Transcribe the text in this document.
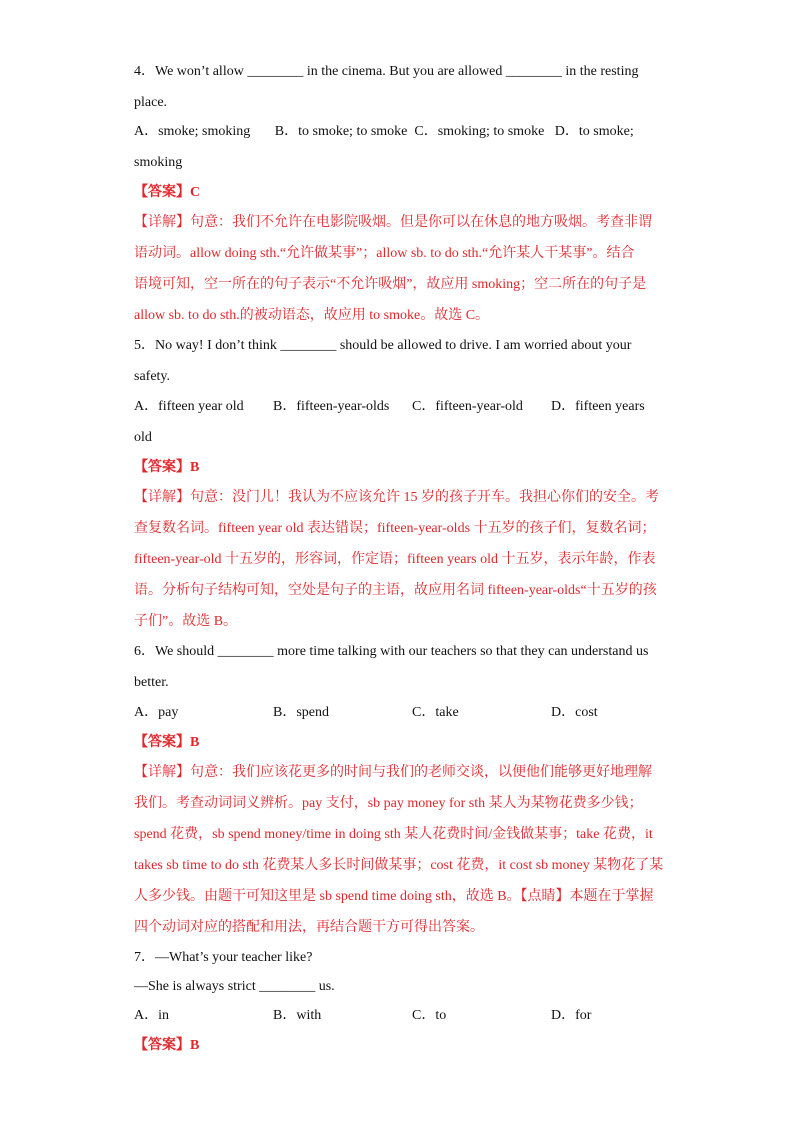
4．We won’t allow ________ in the cinema. But you are allowed ________ in the resting
place.
A．smoke; smoking       B．to smoke; to smoke  C．smoking; to smoke   D．to smoke;
smoking
【答案】C
【详解】句意：我们不允许在电影院吸烟。但是你可以在休息的地方吸烟。考查非谓
语动词。allow doing sth.“允许做某事”；allow sb. to do sth.“允许某人干某事”。结合
语境可知，空一所在的句子表示“不允许吸烟”，故应用 smoking；空二所在的句子是
allow sb. to do sth.的被动语态，故应用 to smoke。故选 C。
5．No way! I don’t think ________ should be allowed to drive. I am worried about your
safety.
A．fifteen year old B．fifteen-year-olds C．fifteen-year-old D．fifteen years
old
【答案】B
【详解】句意：没门儿！我认为不应该允许 15 岁的孩子开车。我担心你们的安全。考
查复数名词。fifteen year old 表达错误；fifteen-year-olds 十五岁的孩子们，复数名词；
fifteen-year-old 十五岁的，形容词，作定语；fifteen years old 十五岁，表示年龄，作表
语。分析句子结构可知，空处是句子的主语，故应用名词 fifteen-year-olds“十五岁的孩
子们”。故选 B。
6．We should ________ more time talking with our teachers so that they can understand us
better.
A．pay	B．spend	C．take	D．cost
【答案】B
【详解】句意：我们应该花更多的时间与我们的老师交谈，以便他们能够更好地理解
我们。考查动词词义辨析。pay 支付，sb pay money for sth 某人为某物花费多少钱；
spend 花费，sb spend money/time in doing sth 某人花费时间/金钱做某事；take 花费，it
takes sb time to do sth 花费某人多长时间做某事；cost 花费，it cost sb money 某物花了某
人多少钱。由题干可知这里是 sb spend time doing sth，故选 B。【点睛】本题在于掌握
四个动词对应的搭配和用法，再结合题干方可得出答案。
7．—What’s your teacher like?
—She is always strict ________ us.
A．in	B．with	C．to	D．for
【答案】B
